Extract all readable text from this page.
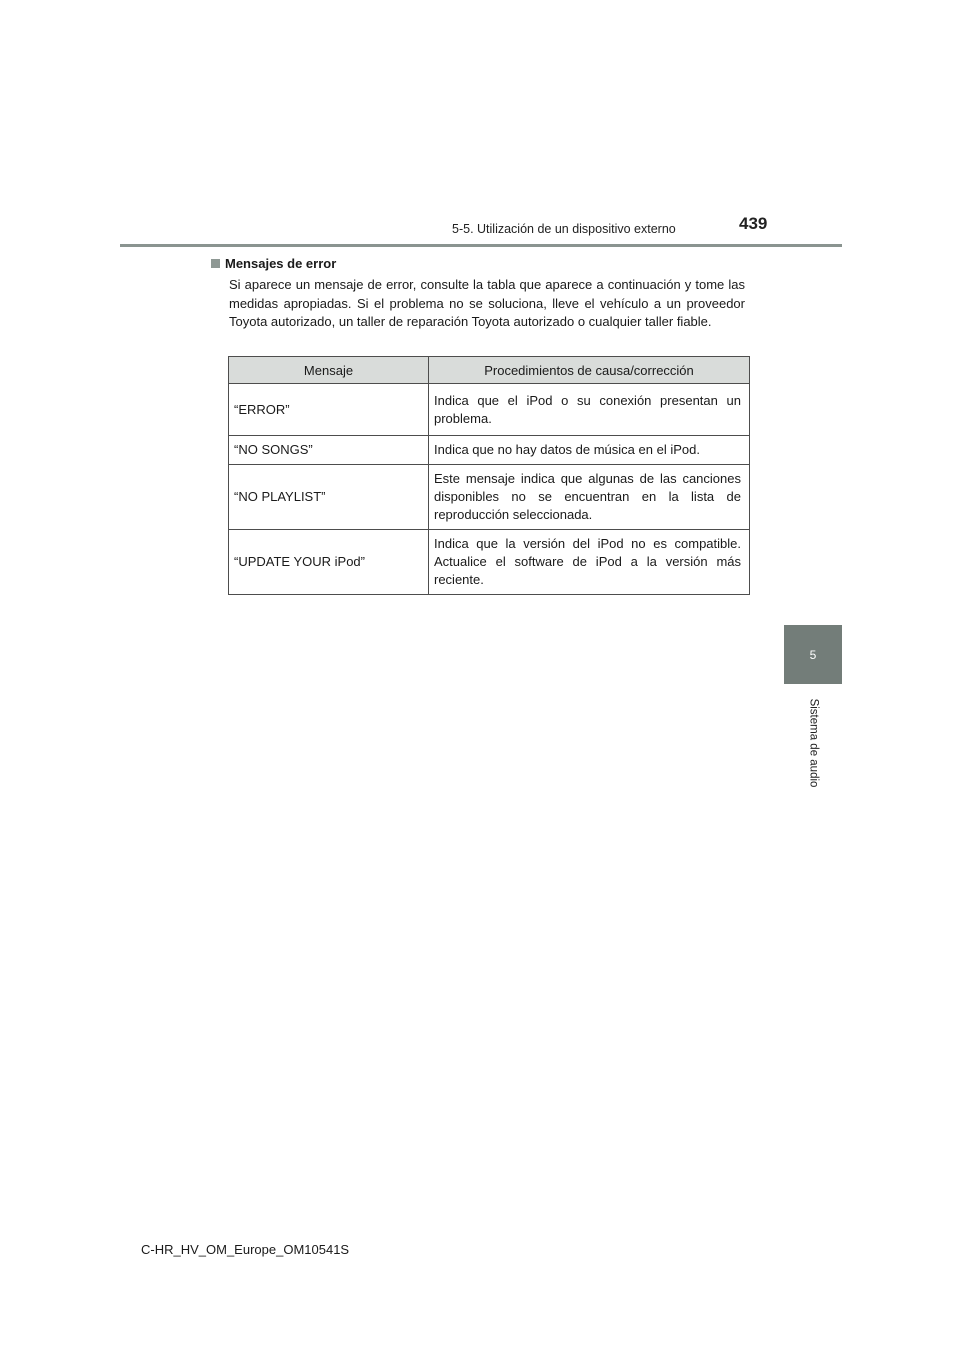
5-5. Utilización de un dispositivo externo	439
5
Sistema de audio
Mensajes de error

Si aparece un mensaje de error, consulte la tabla que aparece a continuación y tome las medidas apropiadas. Si el problema no se soluciona, lleve el vehículo a un proveedor Toyota autorizado, un taller de reparación Toyota autorizado o cualquier taller fiable.

Mensaje	Procedimientos de causa/corrección
“ERROR”	Indica que el iPod o su conexión presentan un problema.
“NO SONGS”	Indica que no hay datos de música en el iPod.
“NO PLAYLIST”	Este mensaje indica que algunas de las canciones disponibles no se encuentran en la lista de reproducción seleccionada.
“UPDATE YOUR iPod”	Indica que la versión del iPod no es compatible. Actualice el software de iPod a la versión más reciente.
C-HR_HV_OM_Europe_OM10541S
